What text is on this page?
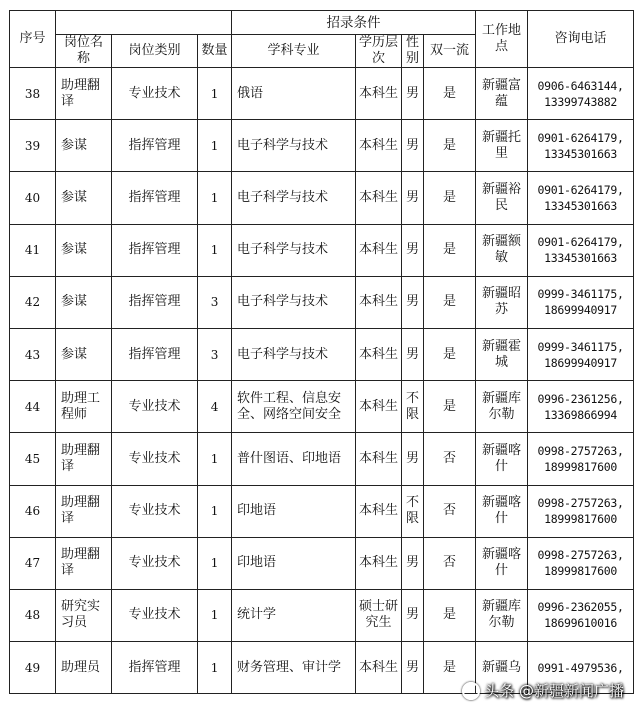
序号				招录条件				工作地点	咨询电话
	岗位名称	岗位类别	数量	学科专业	学历层次	性别	双一流		
38	助理翻译	专业技术	1	俄语	本科生	男	是	新疆富蕴	0906-6463144,
13399743882

39	参谋	指挥管理	1	电子科学与技术	本科生	男	是	新疆托里	0901-6264179,
13345301663

40	参谋	指挥管理	1	电子科学与技术	本科生	男	是	新疆裕民	0901-6264179,
13345301663

41	参谋	指挥管理	1	电子科学与技术	本科生	男	是	新疆额敏	0901-6264179,
13345301663

42	参谋	指挥管理	3	电子科学与技术	本科生	男	是	新疆昭苏	0999-3461175,
18699940917

43	参谋	指挥管理	3	电子科学与技术	本科生	男	是	新疆霍城	0999-3461175,
18699940917

44	助理工程师	专业技术	4	软件工程、信息安全、网络空间安全	本科生	不限	是	新疆库尔勒	0996-2361256,
13369866994

45	助理翻译	专业技术	1	普什图语、印地语	本科生	男	否	新疆喀什	0998-2757263,
18999817600

46	助理翻译	专业技术	1	印地语	本科生	不限	否	新疆喀什	0998-2757263,
18999817600

47	助理翻译	专业技术	1	印地语	本科生	男	否	新疆喀什	0998-2757263,
18999817600

48	研究实习员	专业技术	1	统计学	硕士研究生	男	是	新疆库尔勒	0996-2362055,
18699610016

49	助理员	指挥管理	1	财务管理、审计学	本科生	男	是	新疆乌	0991-4979536,
头条 @新疆新闻广播
